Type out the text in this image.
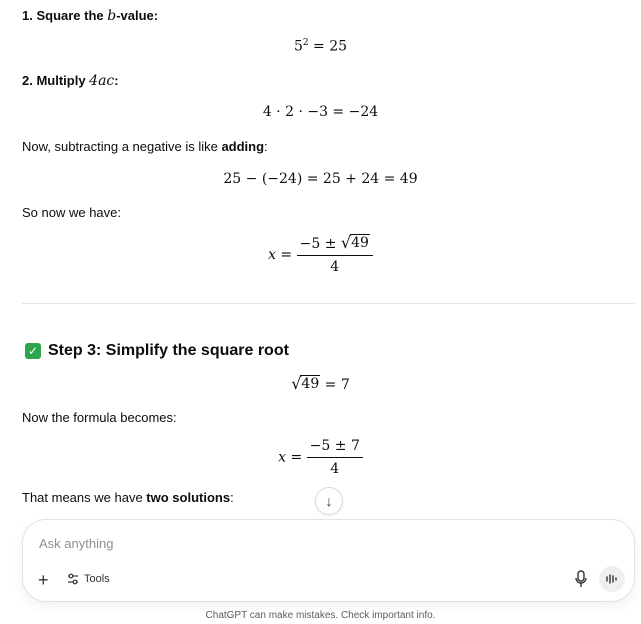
1. Square the b-value:
$5^2 = 25$
2. Multiply 4ac:
4 · 2 · −3 = −24
Now, subtracting a negative is like adding:
25 − (−24) = 25 + 24 = 49
So now we have:
$x = \frac{-5 \pm √ 49}{4}$
✓ Step 3: Simplify the square root
√ 49 = 7
Now the formula becomes:
$x = \frac{-5 \pm 7}{4}$
That means we have two solutions:	↓
Ask anything
+	Tools
ChatGPT can make mistakes. Check important info.
